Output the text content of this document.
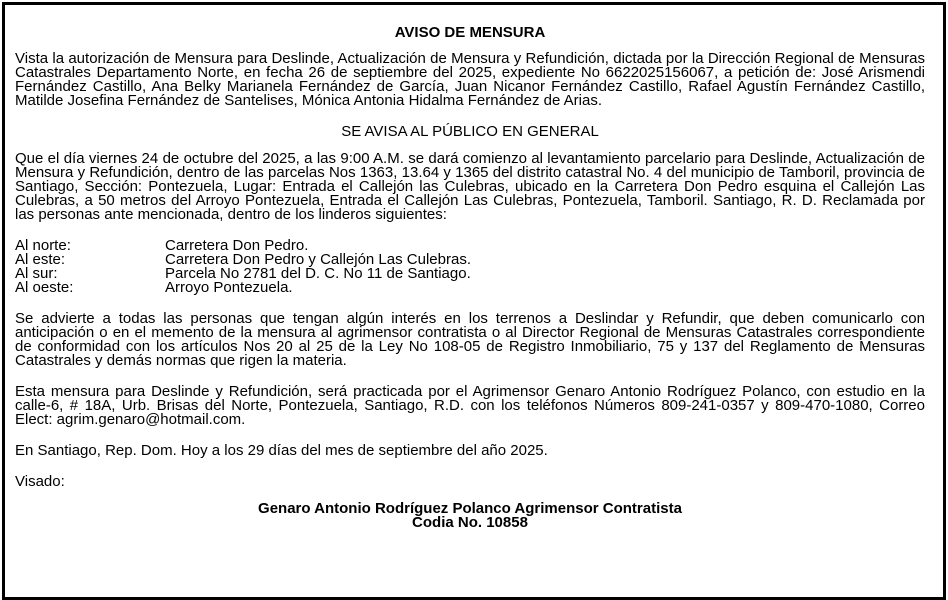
AVISO DE MENSURA

Vista la autorización de Mensura para Deslinde, Actualización de Mensura y Refundición, dictada por la Dirección Regional de Mensuras Catastrales Departamento Norte, en fecha 26 de septiembre del 2025, expediente No 6622025156067, a petición de: José Arismendi Fernández Castillo, Ana Belky Marianela Fernández de García, Juan Nicanor Fernández Castillo, Rafael Agustín Fernández Castillo, Matilde Josefina Fernández de Santelises, Mónica Antonia Hidalma Fernández de Arias.

SE AVISA AL PÚBLICO EN GENERAL

Que el día viernes 24 de octubre del 2025, a las 9:00 A.M. se dará comienzo al levantamiento parcelario para Deslinde, Actualización de Mensura y Refundición, dentro de las parcelas Nos 1363, 13.64 y 1365 del distrito catastral No. 4 del municipio de Tamboril, provincia de Santiago, Sección: Pontezuela, Lugar: Entrada el Callejón las Culebras, ubicado en la Carretera Don Pedro esquina el Callejón Las Culebras, a 50 metros del Arroyo Pontezuela, Entrada el Callejón Las Culebras, Pontezuela, Tamboril. Santiago, R. D. Reclamada por las personas ante mencionada, dentro de los linderos siguientes:

Al norte:	Carretera Don Pedro.
Al este:	Carretera Don Pedro y Callejón Las Culebras.
Al sur:	Parcela No 2781 del D. C. No 11 de Santiago.
Al oeste:	Arroyo Pontezuela.

Se advierte a todas las personas que tengan algún interés en los terrenos a Deslindar y Refundir, que deben comunicarlo con anticipación o en el memento de la mensura al agrimensor contratista o al Director Regional de Mensuras Catastrales correspondiente de conformidad con los artículos Nos 20 al 25 de la Ley No 108-05 de Registro Inmobiliario, 75 y 137 del Reglamento de Mensuras Catastrales y demás normas que rigen la materia.

Esta mensura para Deslinde y Refundición, será practicada por el Agrimensor Genaro Antonio Rodríguez Polanco, con estudio en la calle-6, # 18A, Urb. Brisas del Norte, Pontezuela, Santiago, R.D. con los teléfonos Números 809-241-0357 y 809-470-1080, Correo Elect: agrim.genaro@hotmail.com.

En Santiago, Rep. Dom. Hoy a los 29 días del mes de septiembre del año 2025.

Visado:

Genaro Antonio Rodríguez Polanco Agrimensor Contratista
Codia No. 10858
